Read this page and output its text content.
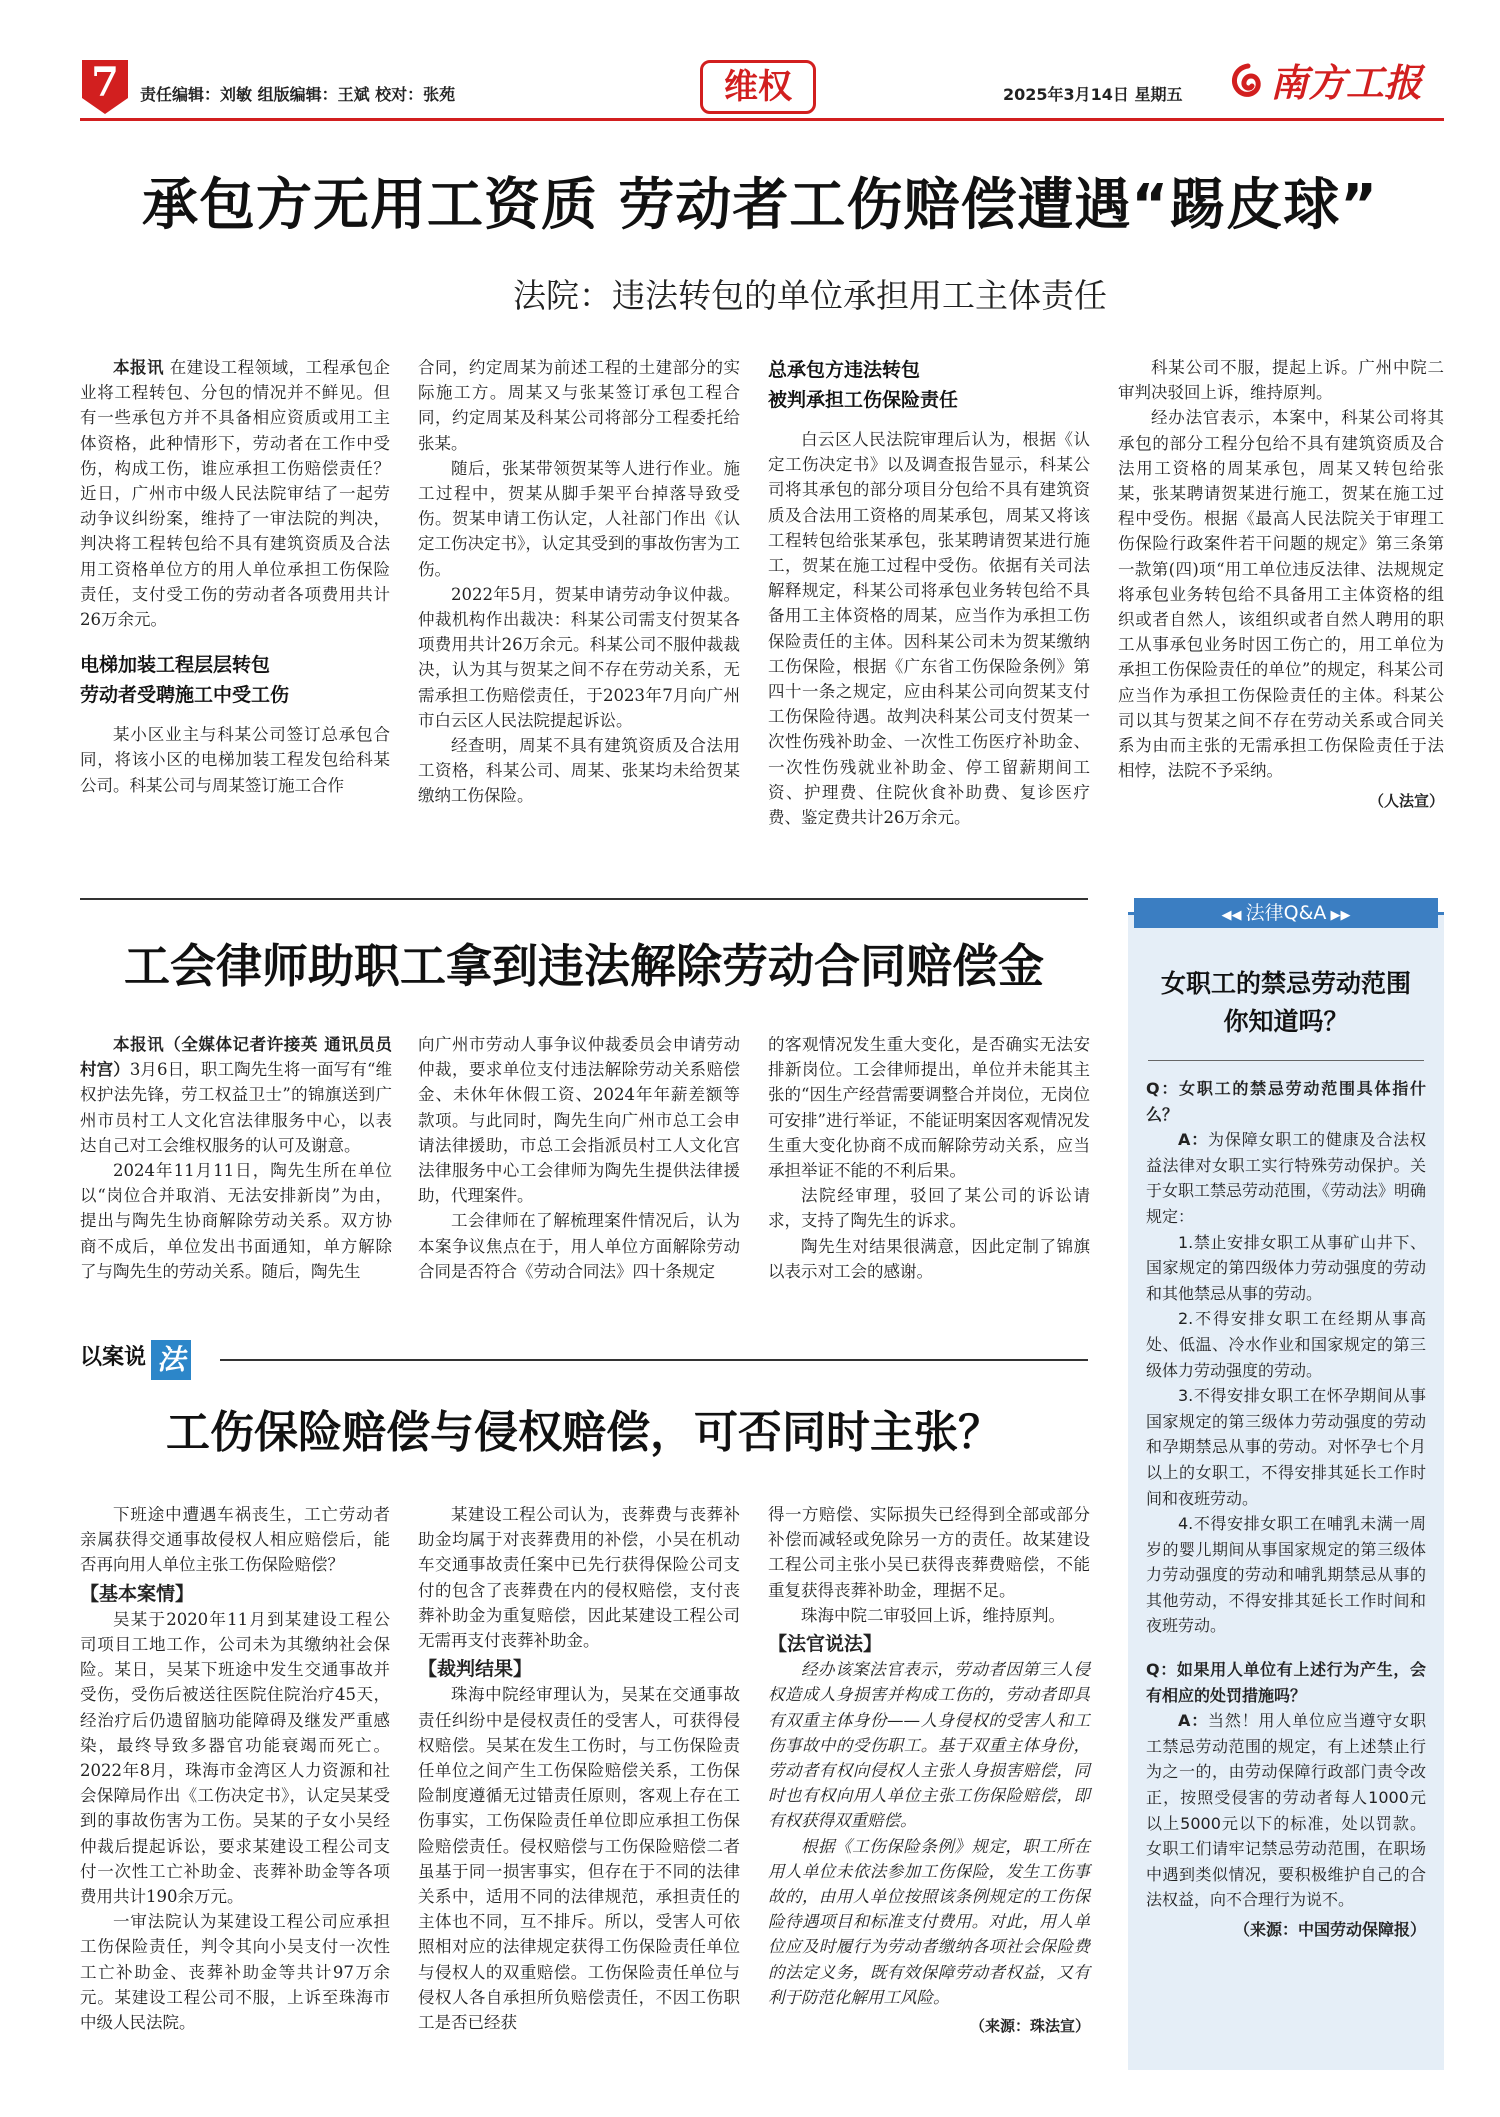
7	责任编辑：刘敏 组版编辑：王斌 校对：张苑	维权	2025年3月14日 星期五 南方工报
承包方无用工资质 劳动者工伤赔偿遭遇“踢皮球”
法院：违法转包的单位承担用工主体责任

本报讯 在建设工程领域，工程承包企业将工程转包、分包的情况并不鲜见。但有一些承包方并不具备相应资质或用工主体资格，此种情形下，劳动者在工作中受伤，构成工伤，谁应承担工伤赔偿责任？近日，广州市中级人民法院审结了一起劳动争议纠纷案，维持了一审法院的判决，判决将工程转包给不具有建筑资质及合法用工资格单位方的用人单位承担工伤保险责任，支付受工伤的劳动者各项费用共计26万余元。

电梯加装工程层层转包
劳动者受聘施工中受工伤

某小区业主与科某公司签订总承包合同，将该小区的电梯加装工程发包给科某公司。科某公司与周某签订施工合作

合同，约定周某为前述工程的土建部分的实际施工方。周某又与张某签订承包工程合同，约定周某及科某公司将部分工程委托给张某。

随后，张某带领贺某等人进行作业。施工过程中，贺某从脚手架平台掉落导致受伤。贺某申请工伤认定，人社部门作出《认定工伤决定书》，认定其受到的事故伤害为工伤。

2022年5月，贺某申请劳动争议仲裁。仲裁机构作出裁决：科某公司需支付贺某各项费用共计26万余元。科某公司不服仲裁裁决，认为其与贺某之间不存在劳动关系，无需承担工伤赔偿责任，于2023年7月向广州市白云区人民法院提起诉讼。

经查明，周某不具有建筑资质及合法用工资格，科某公司、周某、张某均未给贺某缴纳工伤保险。

总承包方违法转包
被判承担工伤保险责任

白云区人民法院审理后认为，根据《认定工伤决定书》以及调查报告显示，科某公司将其承包的部分项目分包给不具有建筑资质及合法用工资格的周某承包，周某又将该工程转包给张某承包，张某聘请贺某进行施工，贺某在施工过程中受伤。依据有关司法解释规定，科某公司将承包业务转包给不具备用工主体资格的周某，应当作为承担工伤保险责任的主体。因科某公司未为贺某缴纳工伤保险，根据《广东省工伤保险条例》第四十一条之规定，应由科某公司向贺某支付工伤保险待遇。故判决科某公司支付贺某一次性伤残补助金、一次性工伤医疗补助金、一次性伤残就业补助金、停工留薪期间工资、护理费、住院伙食补助费、复诊医疗费、鉴定费共计26万余元。

科某公司不服，提起上诉。广州中院二审判决驳回上诉，维持原判。

经办法官表示，本案中，科某公司将其承包的部分工程分包给不具有建筑资质及合法用工资格的周某承包，周某又转包给张某，张某聘请贺某进行施工，贺某在施工过程中受伤。根据《最高人民法院关于审理工伤保险行政案件若干问题的规定》第三条第一款第(四)项“用工单位违反法律、法规规定将承包业务转包给不具备用工主体资格的组织或者自然人，该组织或者自然人聘用的职工从事承包业务时因工伤亡的，用工单位为承担工伤保险责任的单位”的规定，科某公司应当作为承担工伤保险责任的主体。科某公司以其与贺某之间不存在劳动关系或合同关系为由而主张的无需承担工伤保险责任于法相悖，法院不予采纳。

（人法宣）

工会律师助职工拿到违法解除劳动合同赔偿金

本报讯（全媒体记者许接英 通讯员员村宫）3月6日，职工陶先生将一面写有“维权护法先锋，劳工权益卫士”的锦旗送到广州市员村工人文化宫法律服务中心，以表达自己对工会维权服务的认可及谢意。

2024年11月11日，陶先生所在单位以“岗位合并取消、无法安排新岗”为由，提出与陶先生协商解除劳动关系。双方协商不成后，单位发出书面通知，单方解除了与陶先生的劳动关系。随后，陶先生

向广州市劳动人事争议仲裁委员会申请劳动仲裁，要求单位支付违法解除劳动关系赔偿金、未休年休假工资、2024年年薪差额等款项。与此同时，陶先生向广州市总工会申请法律援助，市总工会指派员村工人文化宫法律服务中心工会律师为陶先生提供法律援助，代理案件。

工会律师在了解梳理案件情况后，认为本案争议焦点在于，用人单位方面解除劳动合同是否符合《劳动合同法》四十条规定

的客观情况发生重大变化，是否确实无法安排新岗位。工会律师提出，单位并未能其主张的“因生产经营需要调整合并岗位，无岗位可安排”进行举证，不能证明案因客观情况发生重大变化协商不成而解除劳动关系，应当承担举证不能的不利后果。

法院经审理，驳回了某公司的诉讼请求，支持了陶先生的诉求。

陶先生对结果很满意，因此定制了锦旗以表示对工会的感谢。

以案说 法
工伤保险赔偿与侵权赔偿，可否同时主张？

下班途中遭遇车祸丧生，工亡劳动者亲属获得交通事故侵权人相应赔偿后，能否再向用人单位主张工伤保险赔偿？

【基本案情】

吴某于2020年11月到某建设工程公司项目工地工作，公司未为其缴纳社会保险。某日，吴某下班途中发生交通事故并受伤，受伤后被送往医院住院治疗45天，经治疗后仍遗留脑功能障碍及继发严重感染，最终导致多器官功能衰竭而死亡。2022年8月，珠海市金湾区人力资源和社会保障局作出《工伤决定书》，认定吴某受到的事故伤害为工伤。吴某的子女小吴经仲裁后提起诉讼，要求某建设工程公司支付一次性工亡补助金、丧葬补助金等各项费用共计190余万元。

一审法院认为某建设工程公司应承担工伤保险责任，判令其向小吴支付一次性工亡补助金、丧葬补助金等共计97万余元。某建设工程公司不服，上诉至珠海市中级人民法院。

某建设工程公司认为，丧葬费与丧葬补助金均属于对丧葬费用的补偿，小吴在机动车交通事故责任案中已先行获得保险公司支付的包含了丧葬费在内的侵权赔偿，支付丧葬补助金为重复赔偿，因此某建设工程公司无需再支付丧葬补助金。

【裁判结果】

珠海中院经审理认为，吴某在交通事故责任纠纷中是侵权责任的受害人，可获得侵权赔偿。吴某在发生工伤时，与工伤保险责任单位之间产生工伤保险赔偿关系，工伤保险制度遵循无过错责任原则，客观上存在工伤事实，工伤保险责任单位即应承担工伤保险赔偿责任。侵权赔偿与工伤保险赔偿二者虽基于同一损害事实，但存在于不同的法律关系中，适用不同的法律规范，承担责任的主体也不同，互不排斥。所以，受害人可依照相对应的法律规定获得工伤保险责任单位与侵权人的双重赔偿。工伤保险责任单位与侵权人各自承担所负赔偿责任，不因工伤职工是否已经获

得一方赔偿、实际损失已经得到全部或部分补偿而减轻或免除另一方的责任。故某建设工程公司主张小吴已获得丧葬费赔偿，不能重复获得丧葬补助金，理据不足。

珠海中院二审驳回上诉，维持原判。

【法官说法】

经办该案法官表示，劳动者因第三人侵权造成人身损害并构成工伤的，劳动者即具有双重主体身份——人身侵权的受害人和工伤事故中的受伤职工。基于双重主体身份，劳动者有权向侵权人主张人身损害赔偿，同时也有权向用人单位主张工伤保险赔偿，即有权获得双重赔偿。

根据《工伤保险条例》规定，职工所在用人单位未依法参加工伤保险，发生工伤事故的，由用人单位按照该条例规定的工伤保险待遇项目和标准支付费用。对此，用人单位应及时履行为劳动者缴纳各项社会保险费的法定义务，既有效保障劳动者权益，又有利于防范化解用工风险。

（来源：珠法宣）

◀◀ 法律Q&A ▶▶
女职工的禁忌劳动范围
你知道吗？

Q：女职工的禁忌劳动范围具体指什么？

A：为保障女职工的健康及合法权益法律对女职工实行特殊劳动保护。关于女职工禁忌劳动范围，《劳动法》明确规定：

1.禁止安排女职工从事矿山井下、国家规定的第四级体力劳动强度的劳动和其他禁忌从事的劳动。

2.不得安排女职工在经期从事高处、低温、冷水作业和国家规定的第三级体力劳动强度的劳动。

3.不得安排女职工在怀孕期间从事国家规定的第三级体力劳动强度的劳动和孕期禁忌从事的劳动。对怀孕七个月以上的女职工，不得安排其延长工作时间和夜班劳动。

4.不得安排女职工在哺乳未满一周岁的婴儿期间从事国家规定的第三级体力劳动强度的劳动和哺乳期禁忌从事的其他劳动，不得安排其延长工作时间和夜班劳动。

Q：如果用人单位有上述行为产生，会有相应的处罚措施吗？

A：当然！用人单位应当遵守女职工禁忌劳动范围的规定，有上述禁止行为之一的，由劳动保障行政部门责令改正，按照受侵害的劳动者每人1000元以上5000元以下的标准，处以罚款。女职工们请牢记禁忌劳动范围，在职场中遇到类似情况，要积极维护自己的合法权益，向不合理行为说不。

（来源：中国劳动保障报）
